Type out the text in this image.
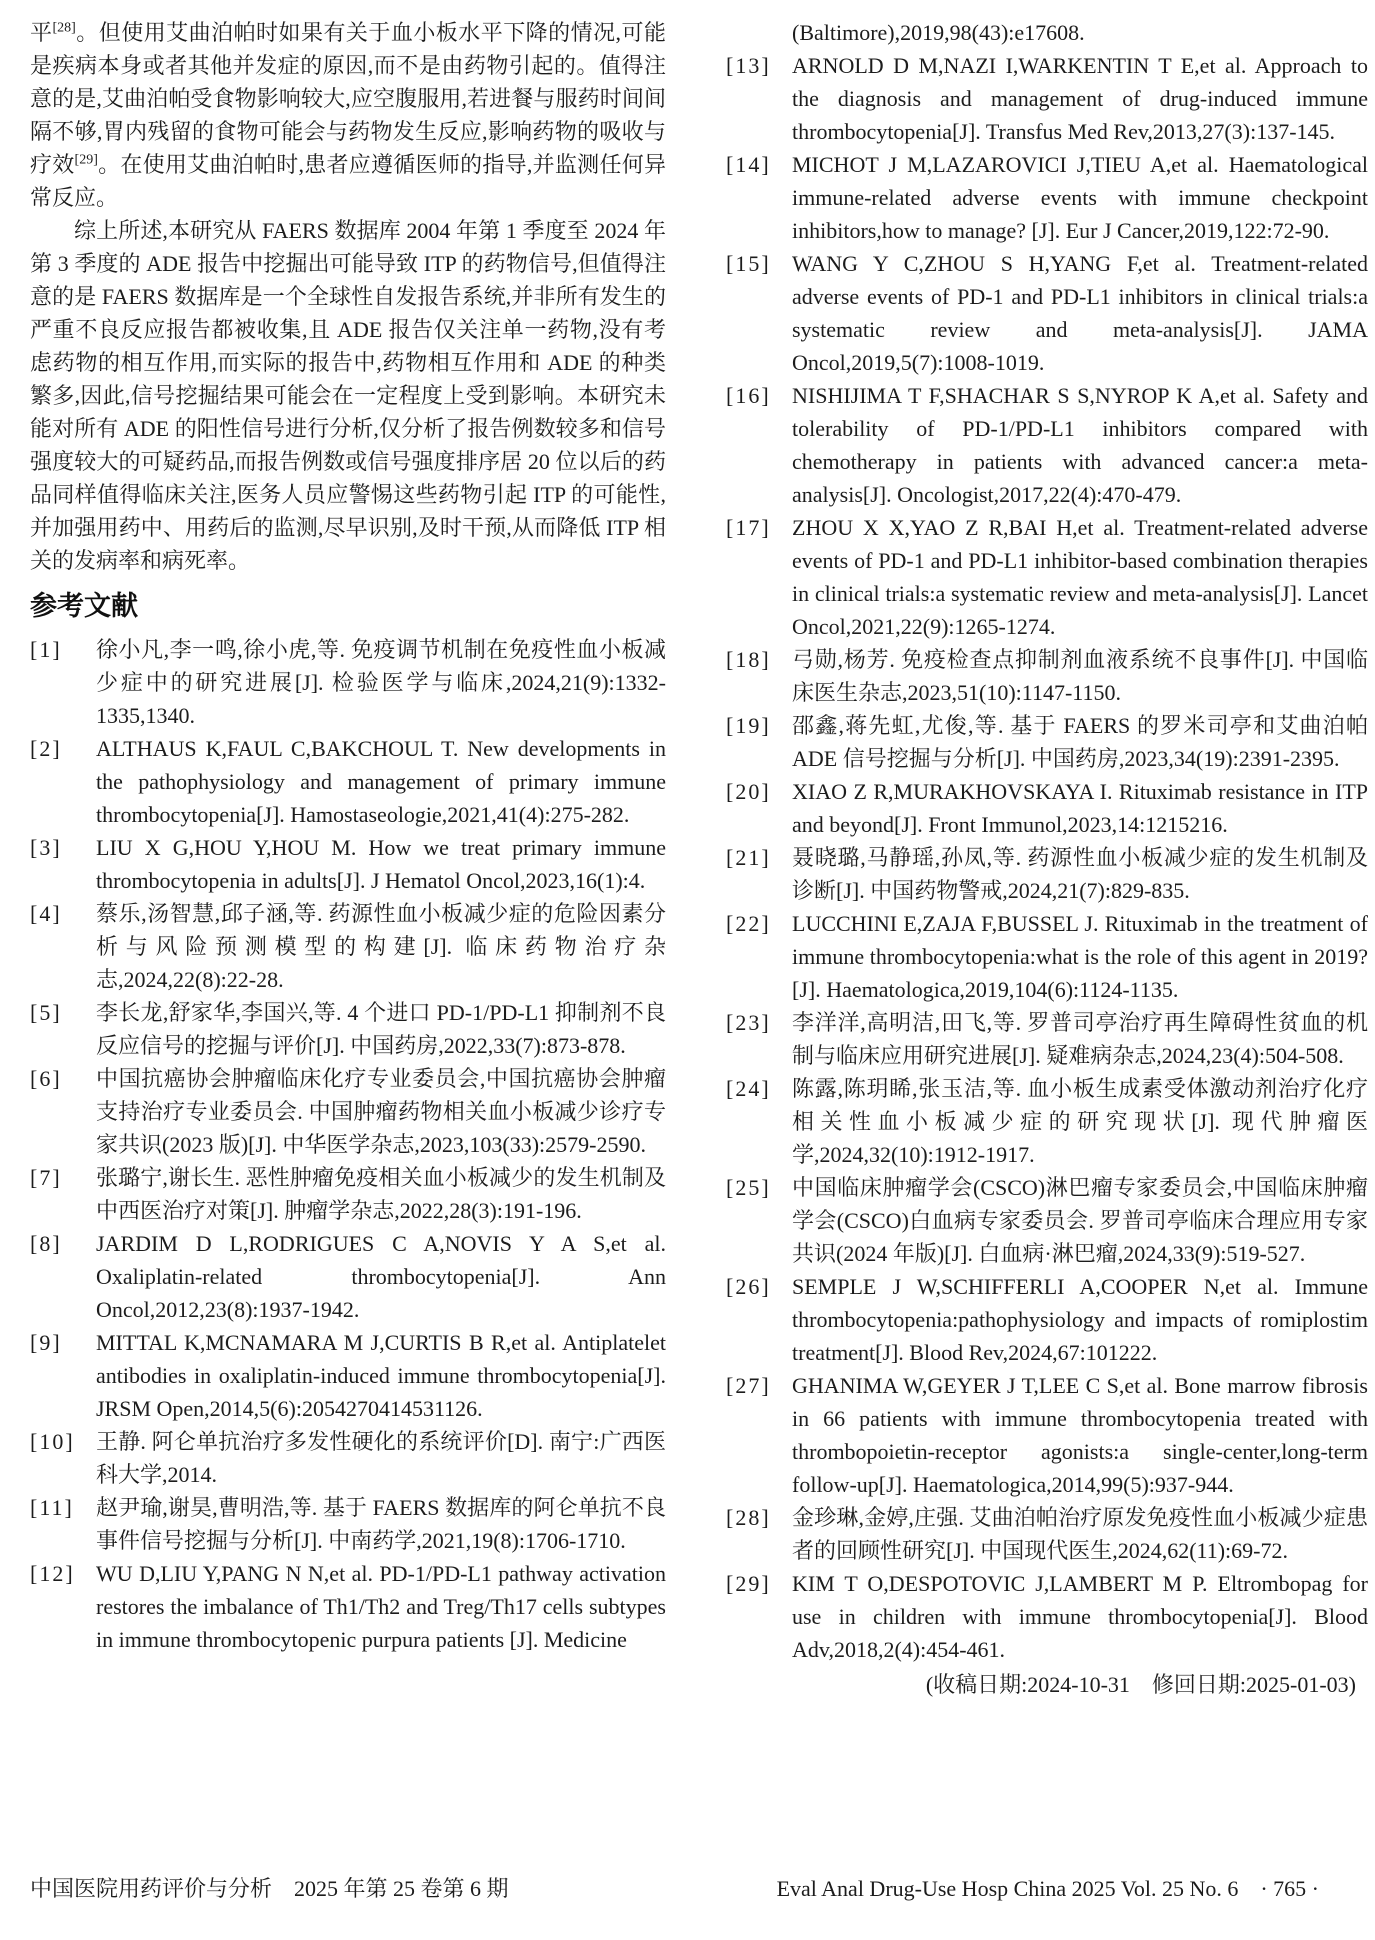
平[28]。但使用艾曲泊帕时如果有关于血小板水平下降的情况,可能是疾病本身或者其他并发症的原因,而不是由药物引起的。值得注意的是,艾曲泊帕受食物影响较大,应空腹服用,若进餐与服药时间间隔不够,胃内残留的食物可能会与药物发生反应,影响药物的吸收与疗效[29]。在使用艾曲泊帕时,患者应遵循医师的指导,并监测任何异常反应。

综上所述,本研究从 FAERS 数据库 2004 年第 1 季度至 2024 年第 3 季度的 ADE 报告中挖掘出可能导致 ITP 的药物信号,但值得注意的是 FAERS 数据库是一个全球性自发报告系统,并非所有发生的严重不良反应报告都被收集,且 ADE 报告仅关注单一药物,没有考虑药物的相互作用,而实际的报告中,药物相互作用和 ADE 的种类繁多,因此,信号挖掘结果可能会在一定程度上受到影响。本研究未能对所有 ADE 的阳性信号进行分析,仅分析了报告例数较多和信号强度较大的可疑药品,而报告例数或信号强度排序居 20 位以后的药品同样值得临床关注,医务人员应警惕这些药物引起 ITP 的可能性,并加强用药中、用药后的监测,尽早识别,及时干预,从而降低 ITP 相关的发病率和病死率。

参考文献
[1]	徐小凡,李一鸣,徐小虎,等. 免疫调节机制在免疫性血小板减少症中的研究进展[J]. 检验医学与临床,2024,21(9):1332-1335,1340.
[2]	ALTHAUS K,FAUL C,BAKCHOUL T. New developments in the pathophysiology and management of primary immune thrombocytopenia[J]. Hamostaseologie,2021,41(4):275-282.
[3]	LIU X G,HOU Y,HOU M. How we treat primary immune thrombocytopenia in adults[J]. J Hematol Oncol,2023,16(1):4.
[4]	蔡乐,汤智慧,邱子涵,等. 药源性血小板减少症的危险因素分析与风险预测模型的构建[J]. 临床药物治疗杂志,2024,22(8):22-28.
[5]	李长龙,舒家华,李国兴,等. 4 个进口 PD-1/PD-L1 抑制剂不良反应信号的挖掘与评价[J]. 中国药房,2022,33(7):873-878.
[6]	中国抗癌协会肿瘤临床化疗专业委员会,中国抗癌协会肿瘤支持治疗专业委员会. 中国肿瘤药物相关血小板减少诊疗专家共识(2023 版)[J]. 中华医学杂志,2023,103(33):2579-2590.
[7]	张璐宁,谢长生. 恶性肿瘤免疫相关血小板减少的发生机制及中西医治疗对策[J]. 肿瘤学杂志,2022,28(3):191-196.
[8]	JARDIM D L,RODRIGUES C A,NOVIS Y A S,et al. Oxaliplatin-related thrombocytopenia[J]. Ann Oncol,2012,23(8):1937-1942.
[9]	MITTAL K,MCNAMARA M J,CURTIS B R,et al. Antiplatelet antibodies in oxaliplatin-induced immune thrombocytopenia[J]. JRSM Open,2014,5(6):2054270414531126.
[10] 王静. 阿仑单抗治疗多发性硬化的系统评价[D]. 南宁:广西医科大学,2014.
[11]	赵尹瑜,谢昊,曹明浩,等. 基于 FAERS 数据库的阿仑单抗不良事件信号挖掘与分析[J]. 中南药学,2021,19(8):1706-1710.
[12] WU D,LIU Y,PANG N N,et al. PD-1/PD-L1 pathway activation restores the imbalance of Th1/Th2 and Treg/Th17 cells subtypes in immune thrombocytopenic purpura patients [J]. Medicine
(Baltimore),2019,98(43):e17608.
[13] ARNOLD D M,NAZI I,WARKENTIN T E,et al. Approach to the diagnosis and management of drug-induced immune thrombocytopenia[J]. Transfus Med Rev,2013,27(3):137-145.
[14] MICHOT J M,LAZAROVICI J,TIEU A,et al. Haematological immune-related adverse events with immune checkpoint inhibitors,how to manage? [J]. Eur J Cancer,2019,122:72-90.
[15] WANG Y C,ZHOU S H,YANG F,et al. Treatment-related adverse events of PD-1 and PD-L1 inhibitors in clinical trials:a systematic review and meta-analysis[J]. JAMA Oncol,2019,5(7):1008-1019.
[16] NISHIJIMA T F,SHACHAR S S,NYROP K A,et al. Safety and tolerability of PD-1/PD-L1 inhibitors compared with chemotherapy in patients with advanced cancer:a meta-analysis[J]. Oncologist,2017,22(4):470-479.
[17] ZHOU X X,YAO Z R,BAI H,et al. Treatment-related adverse events of PD-1 and PD-L1 inhibitor-based combination therapies in clinical trials:a systematic review and meta-analysis[J]. Lancet Oncol,2021,22(9):1265-1274.
[18] 弓勋,杨芳. 免疫检查点抑制剂血液系统不良事件[J]. 中国临床医生杂志,2023,51(10):1147-1150.
[19] 邵鑫,蒋先虹,尤俊,等. 基于 FAERS 的罗米司亭和艾曲泊帕 ADE 信号挖掘与分析[J]. 中国药房,2023,34(19):2391-2395.
[20] XIAO Z R,MURAKHOVSKAYA I. Rituximab resistance in ITP and beyond[J]. Front Immunol,2023,14:1215216.
[21] 聂晓璐,马静瑶,孙凤,等. 药源性血小板减少症的发生机制及诊断[J]. 中国药物警戒,2024,21(7):829-835.
[22] LUCCHINI E,ZAJA F,BUSSEL J. Rituximab in the treatment of immune thrombocytopenia:what is the role of this agent in 2019? [J]. Haematologica,2019,104(6):1124-1135.
[23] 李洋洋,高明洁,田飞,等. 罗普司亭治疗再生障碍性贫血的机制与临床应用研究进展[J]. 疑难病杂志,2024,23(4):504-508.
[24] 陈露,陈玥睎,张玉洁,等. 血小板生成素受体激动剂治疗化疗相关性血小板减少症的研究现状[J]. 现代肿瘤医学,2024,32(10):1912-1917.
[25] 中国临床肿瘤学会(CSCO)淋巴瘤专家委员会,中国临床肿瘤学会(CSCO)白血病专家委员会. 罗普司亭临床合理应用专家共识(2024 年版)[J]. 白血病·淋巴瘤,2024,33(9):519-527.
[26] SEMPLE J W,SCHIFFERLI A,COOPER N,et al. Immune thrombocytopenia:pathophysiology and impacts of romiplostim treatment[J]. Blood Rev,2024,67:101222.
[27] GHANIMA W,GEYER J T,LEE C S,et al. Bone marrow fibrosis in 66 patients with immune thrombocytopenia treated with thrombopoietin-receptor agonists:a single-center,long-term follow-up[J]. Haematologica,2014,99(5):937-944.
[28] 金珍琳,金婷,庄强. 艾曲泊帕治疗原发免疫性血小板减少症患者的回顾性研究[J]. 中国现代医生,2024,62(11):69-72.
[29] KIM T O,DESPOTOVIC J,LAMBERT M P. Eltrombopag for use in children with immune thrombocytopenia[J]. Blood Adv,2018,2(4):454-461.
(收稿日期:2024-10-31　修回日期:2025-01-03)
中国医院用药评价与分析　2025 年第 25 卷第 6 期	Eval Anal Drug-Use Hosp China 2025 Vol. 25 No. 6　· 765 ·
